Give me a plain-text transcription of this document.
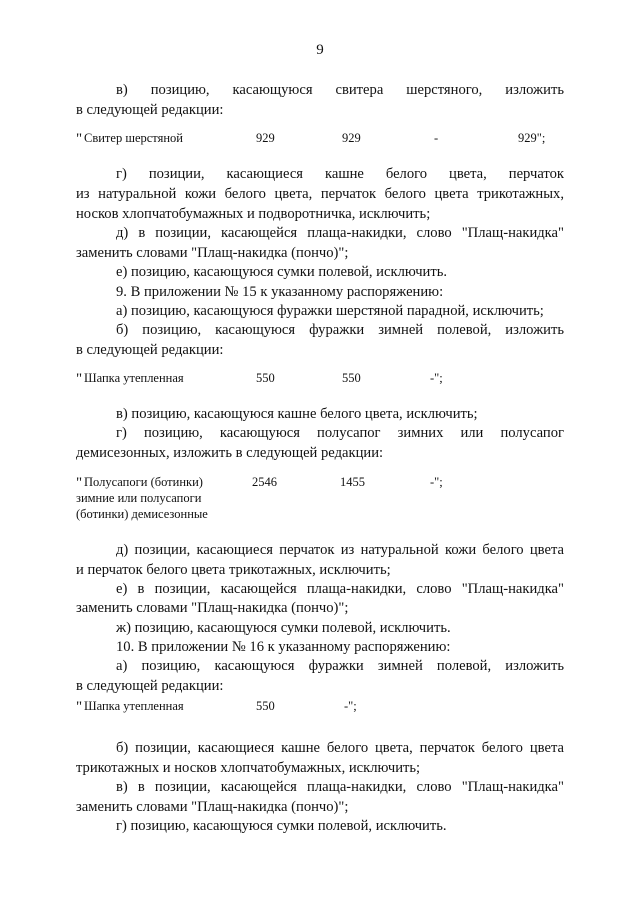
9
в) позицию, касающуюся свитера шерстяного, изложить
в следующей редакции:
г) позиции, касающиеся кашне белого цвета, перчаток
из натуральной кожи белого цвета, перчаток белого цвета трикотажных,
носков хлопчатобумажных и подворотничка, исключить;
д) в позиции, касающейся плаща-накидки, слово "Плащ-накидка"
заменить словами "Плащ-накидка (пончо)";
е) позицию, касающуюся сумки полевой, исключить.
9. В приложении № 15 к указанному распоряжению:
а) позицию, касающуюся фуражки шерстяной парадной, исключить;
б) позицию, касающуюся фуражки зимней полевой, изложить
в следующей редакции:
в) позицию, касающуюся кашне белого цвета, исключить;
г) позицию, касающуюся полусапог зимних или полусапог
демисезонных, изложить в следующей редакции:
д) позиции, касающиеся перчаток из натуральной кожи белого цвета
и перчаток белого цвета трикотажных, исключить;
е) в позиции, касающейся плаща-накидки, слово "Плащ-накидка"
заменить словами "Плащ-накидка (пончо)";
ж) позицию, касающуюся сумки полевой, исключить.
10. В приложении № 16 к указанному распоряжению:
а) позицию, касающуюся фуражки зимней полевой, изложить
в следующей редакции:
б) позиции, касающиеся кашне белого цвета, перчаток белого цвета
трикотажных и носков хлопчатобумажных, исключить;
в) в позиции, касающейся плаща-накидки, слово "Плащ-накидка"
заменить словами "Плащ-накидка (пончо)";
г) позицию, касающуюся сумки полевой, исключить.
" Свитер шерстяной	929	929	-	929";
" Шапка утепленная	550	550	-";
" Полусапоги (ботинки)	2546	1455	-";
зимние или полусапоги
(ботинки) демисезонные
" Шапка утепленная	550	-";
